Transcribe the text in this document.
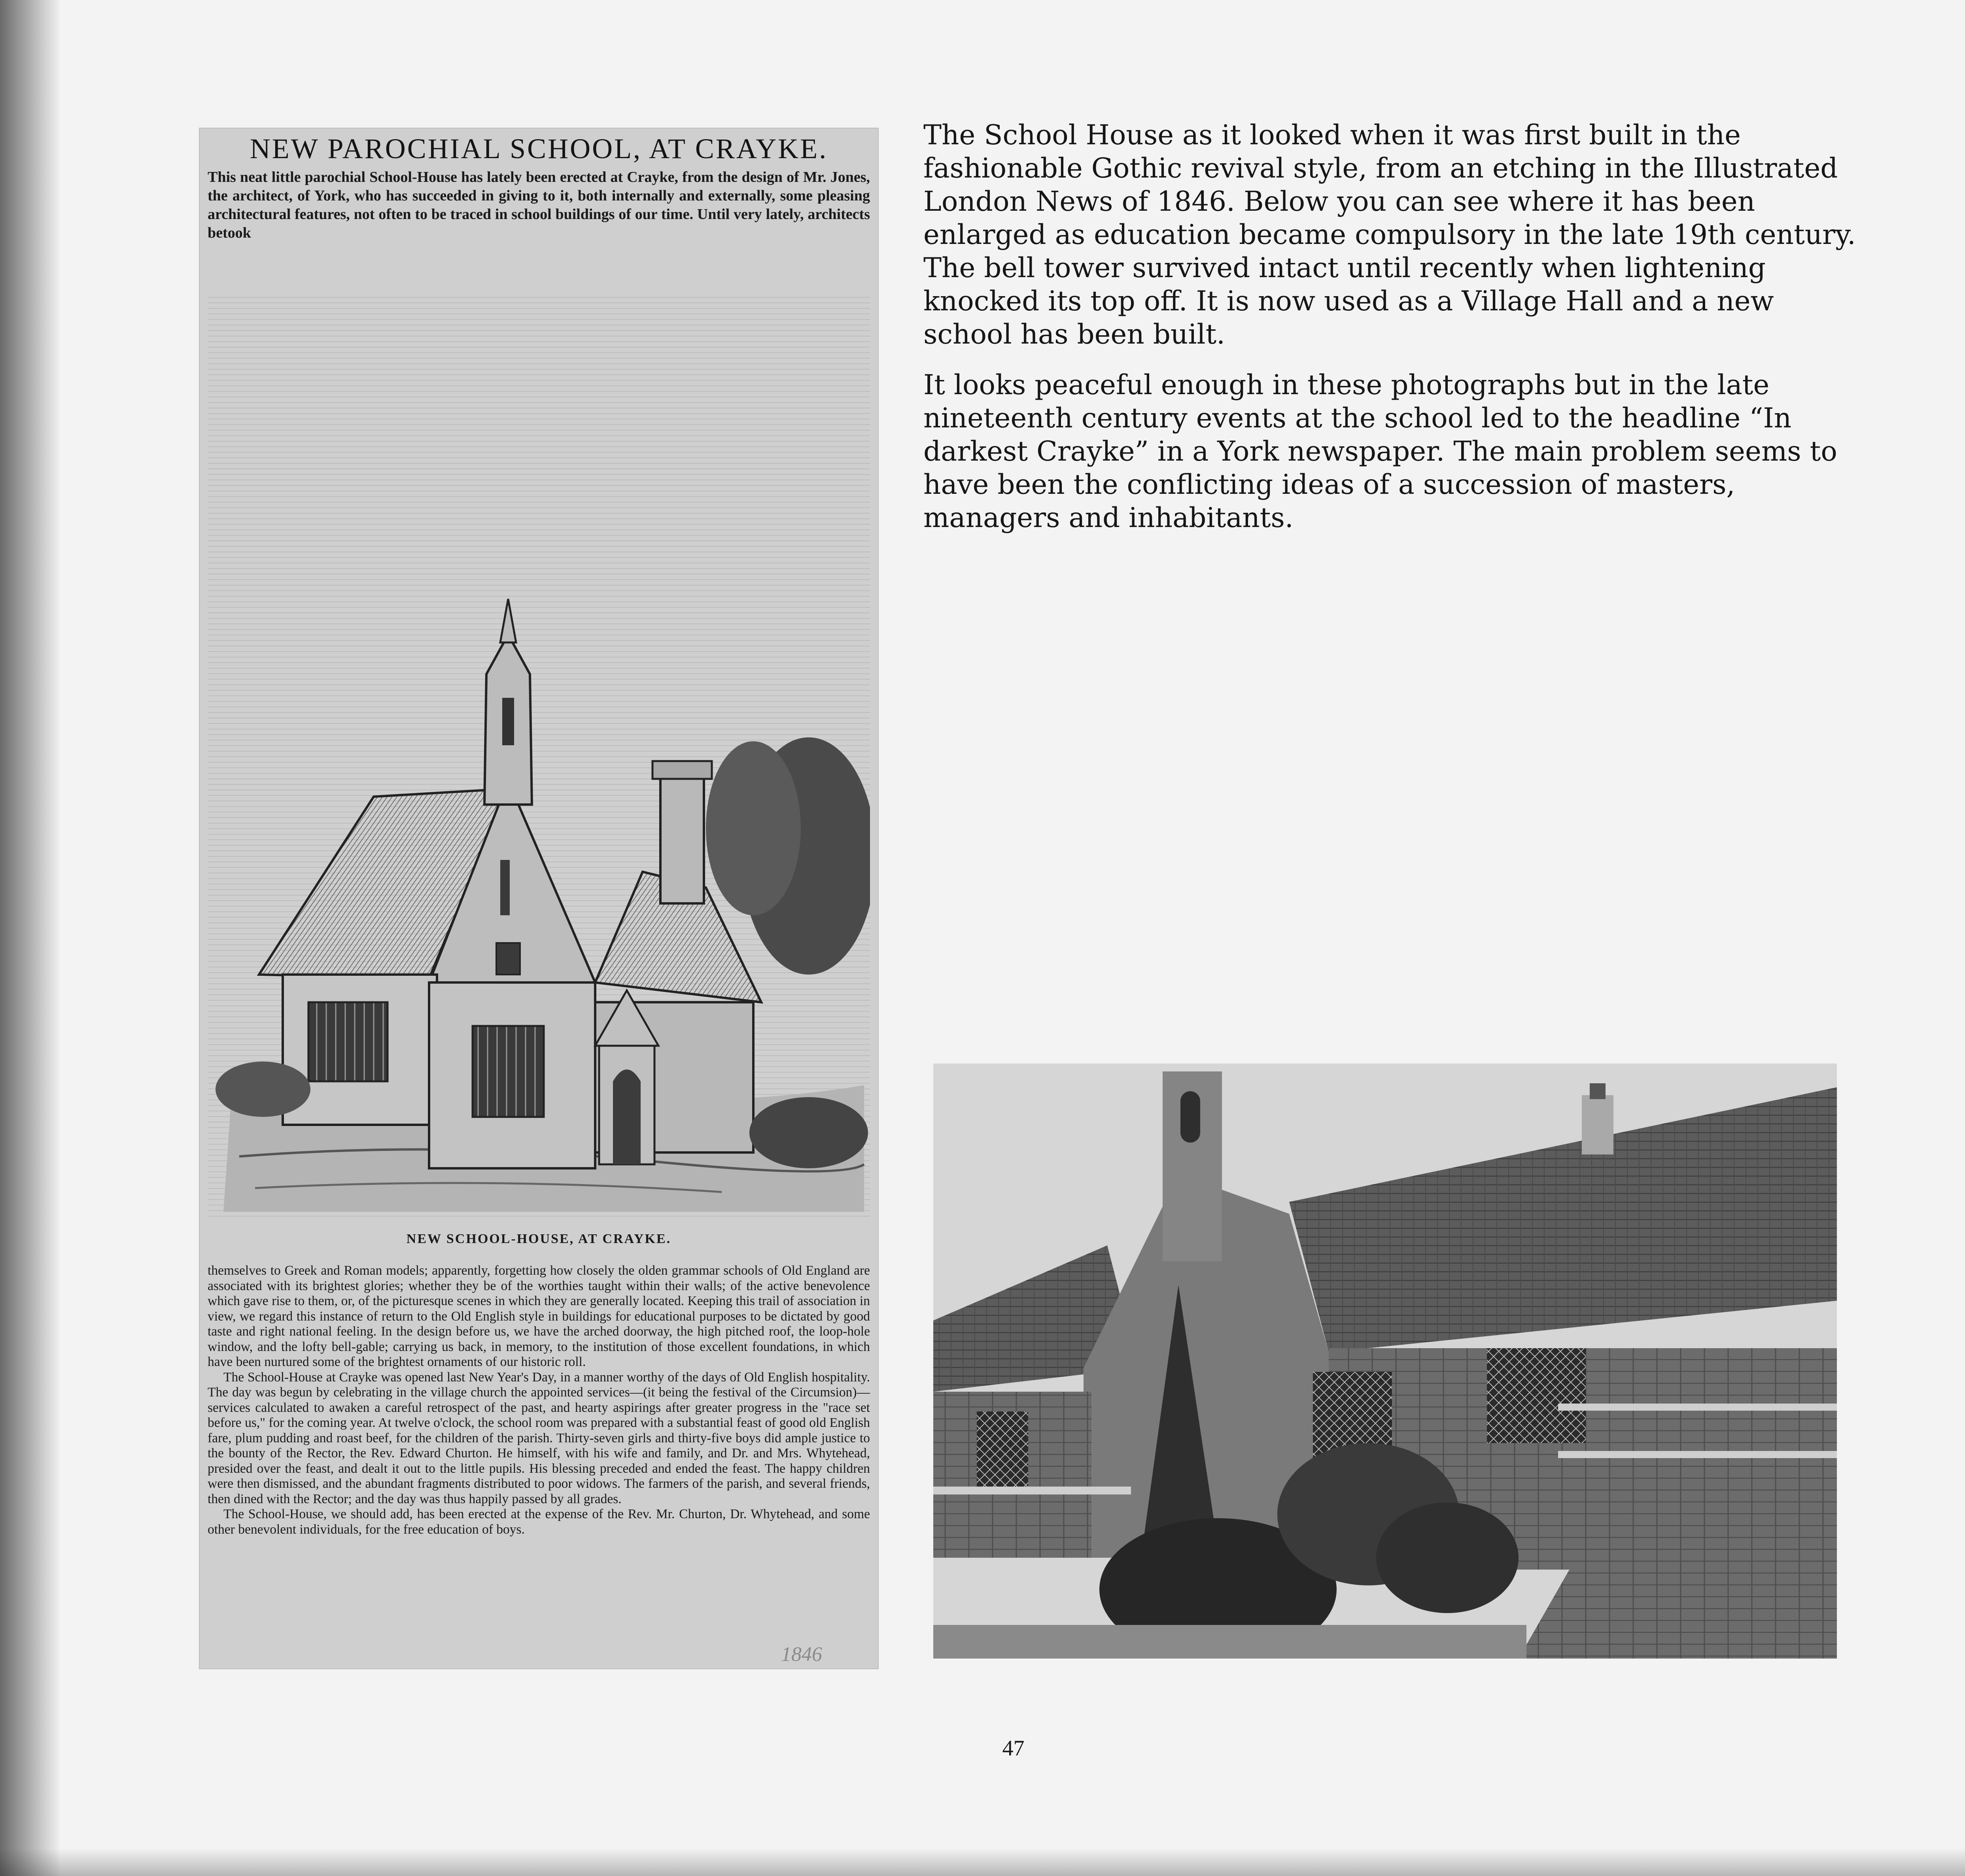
NEW PAROCHIAL SCHOOL, AT CRAYKE.
This neat little parochial School-House has lately been erected at Crayke, from the design of Mr. Jones, the architect, of York, who has succeeded in giving to it, both internally and externally, some pleasing architectural features, not often to be traced in school buildings of our time. Until very lately, architects betook
NEW SCHOOL-HOUSE, AT CRAYKE.

themselves to Greek and Roman models; apparently, forgetting how closely the olden grammar schools of Old England are associated with its brightest glories; whether they be of the worthies taught within their walls; of the active benevolence which gave rise to them, or, of the picturesque scenes in which they are generally located. Keeping this trail of association in view, we regard this instance of return to the Old English style in buildings for educational purposes to be dictated by good taste and right national feeling. In the design before us, we have the arched doorway, the high pitched roof, the loop-hole window, and the lofty bell-gable; carrying us back, in memory, to the institution of those excellent foundations, in which have been nurtured some of the brightest ornaments of our historic roll.

The School-House at Crayke was opened last New Year's Day, in a manner worthy of the days of Old English hospitality. The day was begun by celebrating in the village church the appointed services—(it being the festival of the Circumsion)—services calculated to awaken a careful retrospect of the past, and hearty aspirings after greater progress in the "race set before us," for the coming year. At twelve o'clock, the school room was prepared with a substantial feast of good old English fare, plum pudding and roast beef, for the children of the parish. Thirty-seven girls and thirty-five boys did ample justice to the bounty of the Rector, the Rev. Edward Churton. He himself, with his wife and family, and Dr. and Mrs. Whytehead, presided over the feast, and dealt it out to the little pupils. His blessing preceded and ended the feast. The happy children were then dismissed, and the abundant fragments distributed to poor widows. The farmers of the parish, and several friends, then dined with the Rector; and the day was thus happily passed by all grades.

The School-House, we should add, has been erected at the expense of the Rev. Mr. Churton, Dr. Whytehead, and some other benevolent individuals, for the free education of boys.

1846

The School House as it looked when it was first built in the fashionable Gothic revival style, from an etching in the Illustrated London News of 1846. Below you can see where it has been enlarged as education became compulsory in the late 19th century. The bell tower survived intact until recently when lightening knocked its top off. It is now used as a Village Hall and a new school has been built.

It looks peaceful enough in these photographs but in the late nineteenth century events at the school led to the headline “In darkest Crayke” in a York newspaper. The main problem seems to have been the conflicting ideas of a succession of masters, managers and inhabitants.

47
